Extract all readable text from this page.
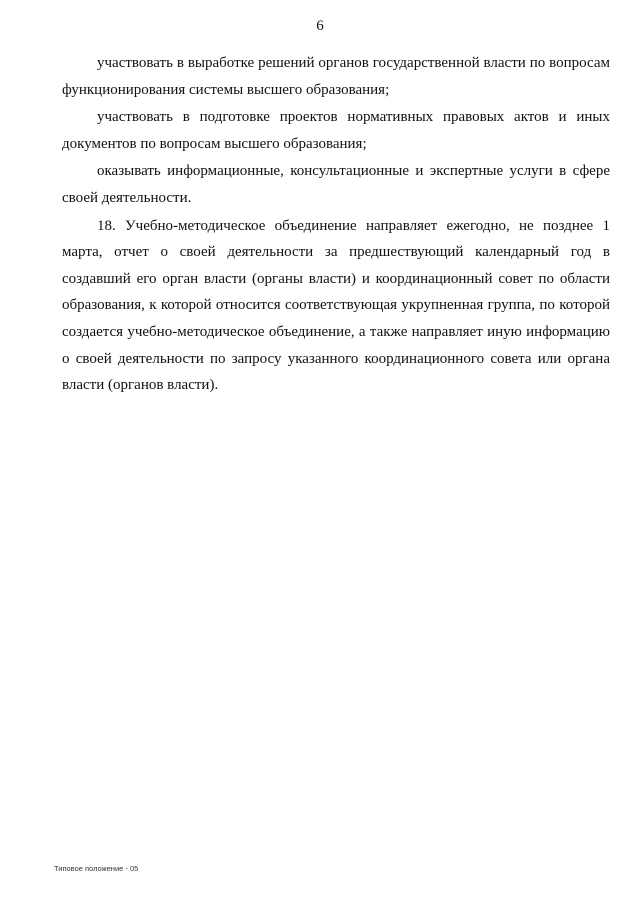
6

участвовать в выработке решений органов государственной власти по вопросам функционирования системы высшего образования;

участвовать в подготовке проектов нормативных правовых актов и иных документов по вопросам высшего образования;

оказывать информационные, консультационные и экспертные услуги в сфере своей деятельности.

18. Учебно-методическое объединение направляет ежегодно, не позднее 1 марта, отчет о своей деятельности за предшествующий календарный год в создавший его орган власти (органы власти) и координационный совет по области образования, к которой относится соответствующая укрупненная группа, по которой создается учебно-методическое объединение, а также направляет иную информацию о своей деятельности по запросу указанного координационного совета или органа власти (органов власти).

Типовое положение - 05
